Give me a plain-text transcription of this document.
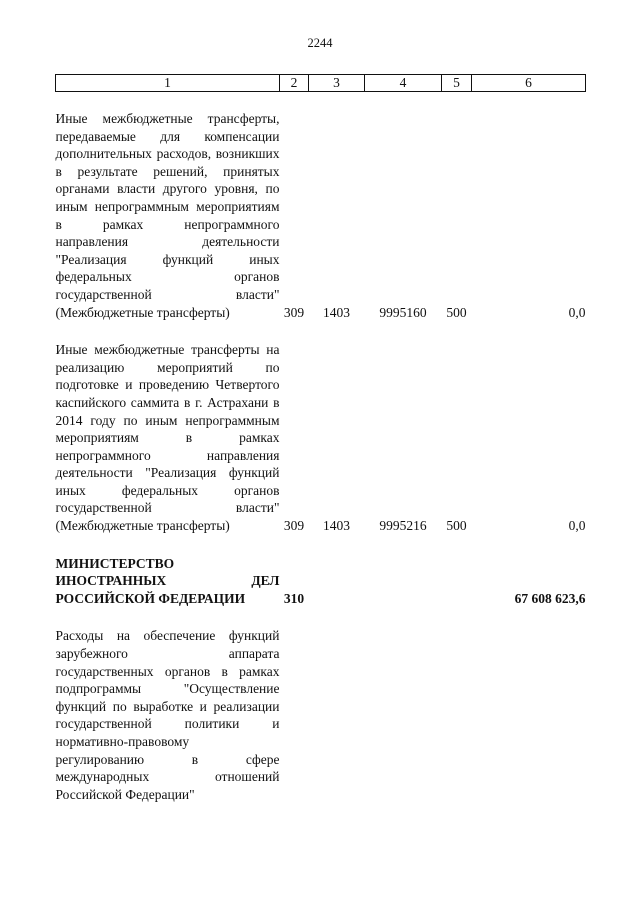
2244
1	2	3	4	5	6
Иные межбюджетные трансферты, передаваемые для компенсации дополнительных расходов, возникших в результате решений, принятых органами власти другого уровня, по иным непрограммным мероприятиям в рамках непрограммного направления деятельности "Реализация функций иных федеральных органов государственной власти" (Межбюджетные трансферты)	309	1403	9995160	500	0,0

Иные межбюджетные трансферты на реализацию мероприятий по подготовке и проведению Четвертого каспийского саммита в г. Астрахани в 2014 году по иным непрограммным мероприятиям в рамках непрограммного направления деятельности "Реализация функций иных федеральных органов государственной власти" (Межбюджетные трансферты)	309	1403	9995216	500	0,0

МИНИСТЕРСТВО ИНОСТРАННЫХ ДЕЛ РОССИЙСКОЙ ФЕДЕРАЦИИ	310				67 608 623,6

Расходы на обеспечение функций зарубежного аппарата государственных органов в рамках подпрограммы "Осуществление функций по выработке и реализации государственной политики и нормативно-правовому регулированию в сфере международных отношений Российской Федерации"					
